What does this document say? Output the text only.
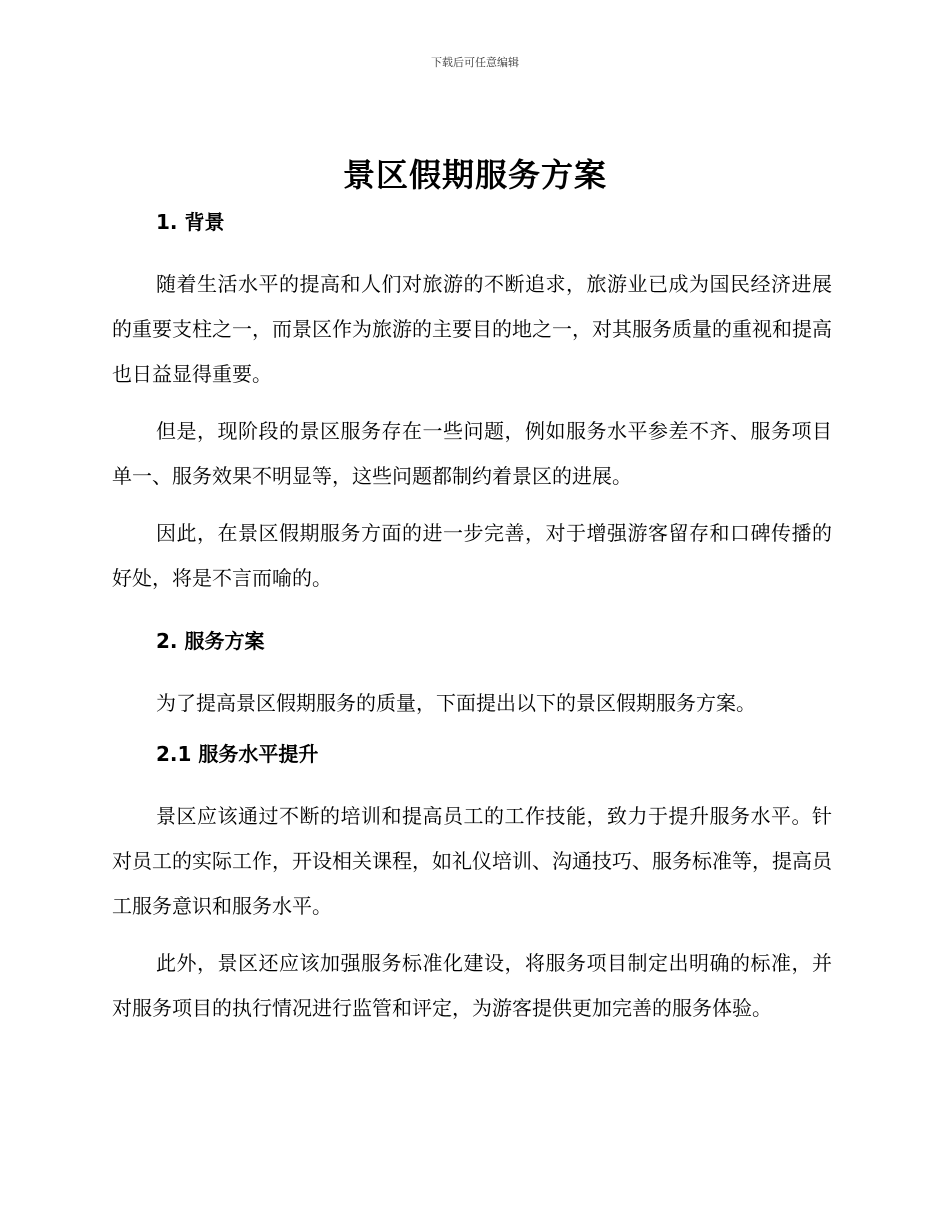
下载后可任意编辑
景区假期服务方案
1. 背景

随着生活水平的提高和人们对旅游的不断追求，旅游业已成为国民经济进展的重要支柱之一，而景区作为旅游的主要目的地之一，对其服务质量的重视和提高也日益显得重要。

但是，现阶段的景区服务存在一些问题，例如服务水平参差不齐、服务项目单一、服务效果不明显等，这些问题都制约着景区的进展。

因此，在景区假期服务方面的进一步完善，对于增强游客留存和口碑传播的好处，将是不言而喻的。

2. 服务方案

为了提高景区假期服务的质量，下面提出以下的景区假期服务方案。

2.1 服务水平提升

景区应该通过不断的培训和提高员工的工作技能，致力于提升服务水平。针对员工的实际工作，开设相关课程，如礼仪培训、沟通技巧、服务标准等，提高员工服务意识和服务水平。

此外，景区还应该加强服务标准化建设，将服务项目制定出明确的标准，并对服务项目的执行情况进行监管和评定，为游客提供更加完善的服务体验。
